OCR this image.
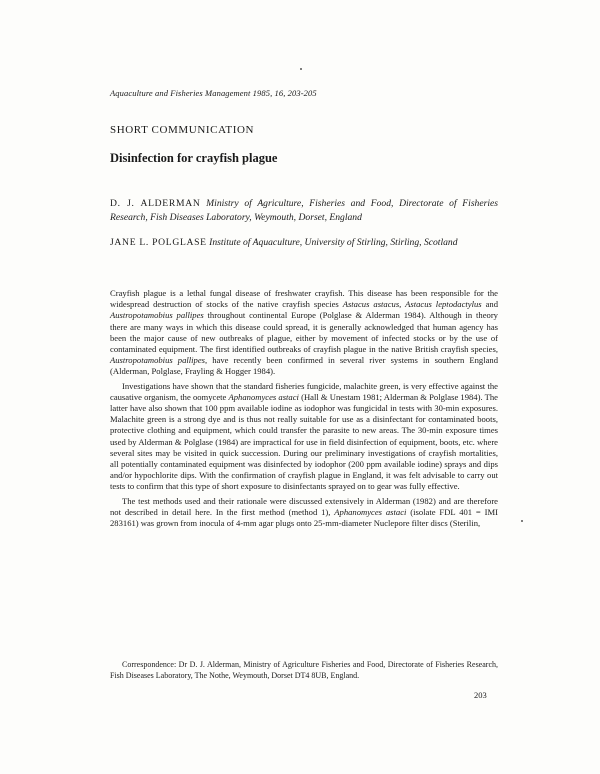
Aquaculture and Fisheries Management 1985, 16, 203-205
SHORT COMMUNICATION
Disinfection for crayfish plague
D. J. ALDERMAN Ministry of Agriculture, Fisheries and Food, Directorate of Fisheries Research, Fish Diseases Laboratory, Weymouth, Dorset, England
JANE L. POLGLASE Institute of Aquaculture, University of Stirling, Stirling, Scotland

Crayfish plague is a lethal fungal disease of freshwater crayfish. This disease has been responsible for the widespread destruction of stocks of the native crayfish species Astacus astacus, Astacus leptodactylus and Austropotamobius pallipes throughout continental Europe (Polglase & Alderman 1984). Although in theory there are many ways in which this disease could spread, it is generally acknowledged that human agency has been the major cause of new outbreaks of plague, either by movement of infected stocks or by the use of contaminated equipment. The first identified outbreaks of crayfish plague in the native British crayfish species, Austropotamobius pallipes, have recently been confirmed in several river systems in southern England (Alderman, Polglase, Frayling & Hogger 1984).

Investigations have shown that the standard fisheries fungicide, malachite green, is very effective against the causative organism, the oomycete Aphanomyces astaci (Hall & Unestam 1981; Alderman & Polglase 1984). The latter have also shown that 100 ppm available iodine as iodophor was fungicidal in tests with 30-min exposures. Malachite green is a strong dye and is thus not really suitable for use as a disinfectant for contaminated boots, protective clothing and equipment, which could transfer the parasite to new areas. The 30-min exposure times used by Alderman & Polglase (1984) are impractical for use in field disinfection of equipment, boots, etc. where several sites may be visited in quick succession. During our preliminary investigations of crayfish mortalities, all potentially contaminated equipment was disinfected by iodophor (200 ppm available iodine) sprays and dips and/or hypochlorite dips. With the confirmation of crayfish plague in England, it was felt advisable to carry out tests to confirm that this type of short exposure to disinfectants sprayed on to gear was fully effective.

The test methods used and their rationale were discussed extensively in Alderman (1982) and are therefore not described in detail here. In the first method (method 1), Aphanomyces astaci (isolate FDL 401 = IMI 283161) was grown from inocula of 4-mm agar plugs onto 25-mm-diameter Nuclepore filter discs (Sterilin,

Correspondence: Dr D. J. Alderman, Ministry of Agriculture Fisheries and Food, Directorate of Fisheries Research, Fish Diseases Laboratory, The Nothe, Weymouth, Dorset DT4 8UB, England.
203
